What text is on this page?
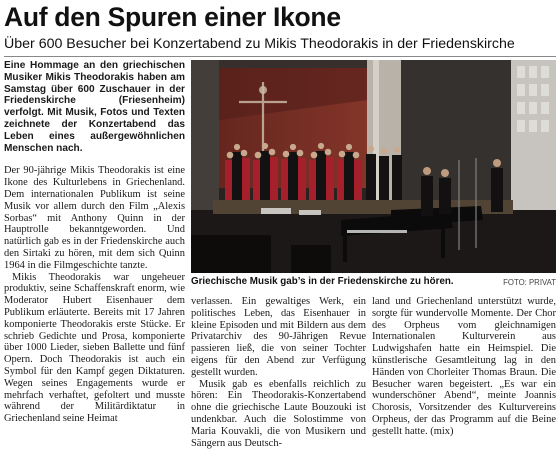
Auf den Spuren einer Ikone
Über 600 Besucher bei Konzertabend zu Mikis Theodorakis in der Friedenskirche
Eine Hommage an den griechischen Musiker Mikis Theodorakis haben am Samstag über 600 Zuschauer in der Friedenskirche (Friesenheim) verfolgt. Mit Musik, Fotos und Texten zeichnete der Konzertabend das Leben eines außergewöhnlichen Menschen nach.

Der 90-jährige Mikis Theodorakis ist eine Ikone des Kulturlebens in Griechenland. Dem internationalen Publikum ist seine Musik vor allem durch den Film „Alexis Sorbas“ mit Anthony Quinn in der Hauptrolle bekanntgeworden. Und natürlich gab es in der Friedenskirche auch den Sirtaki zu hören, mit dem sich Quinn 1964 in die Filmgeschichte tanzte.

Mikis Theodorakis war ungeheuer produktiv, seine Schaffenskraft enorm, wie Moderator Hubert Eisenhauer dem Publikum erläuterte. Bereits mit 17 Jahren komponierte Theodorakis erste Stücke. Er schrieb Gedichte und Prosa, komponierte über 1000 Lieder, sieben Ballette und fünf Opern. Doch Theodorakis ist auch ein Symbol für den Kampf gegen Diktaturen. Wegen seines Engagements wurde er mehrfach verhaftet, gefoltert und musste während der Militärdiktatur in Griechenland seine Heimat

Griechische Musik gab’s in der Friedenskirche zu hören.	FOTO: PRIVAT

verlassen. Ein gewaltiges Werk, ein politisches Leben, das Eisenhauer in kleine Episoden und mit Bildern aus dem Privatarchiv des 90-Jährigen Revue passieren ließ, die von seiner Tochter eigens für den Abend zur Verfügung gestellt wurden.

Musik gab es ebenfalls reichlich zu hören: Ein Theodorakis-Konzertabend ohne die griechische Laute Bouzouki ist undenkbar. Auch die Solostimme von Maria Kouvakli, die von Musikern und Sängern aus Deutsch-

land und Griechenland unterstützt wurde, sorgte für wundervolle Momente. Der Chor des Orpheus vom gleichnamigen Internationalen Kulturverein aus Ludwigshafen hatte ein Heimspiel. Die künstlerische Gesamtleitung lag in den Händen von Chorleiter Thomas Braun. Die Besucher waren begeistert. „Es war ein wunderschöner Abend“, meinte Joannis Chorosis, Vorsitzender des Kulturvereins Orpheus, der das Programm auf die Beine gestellt hatte. (mix)
